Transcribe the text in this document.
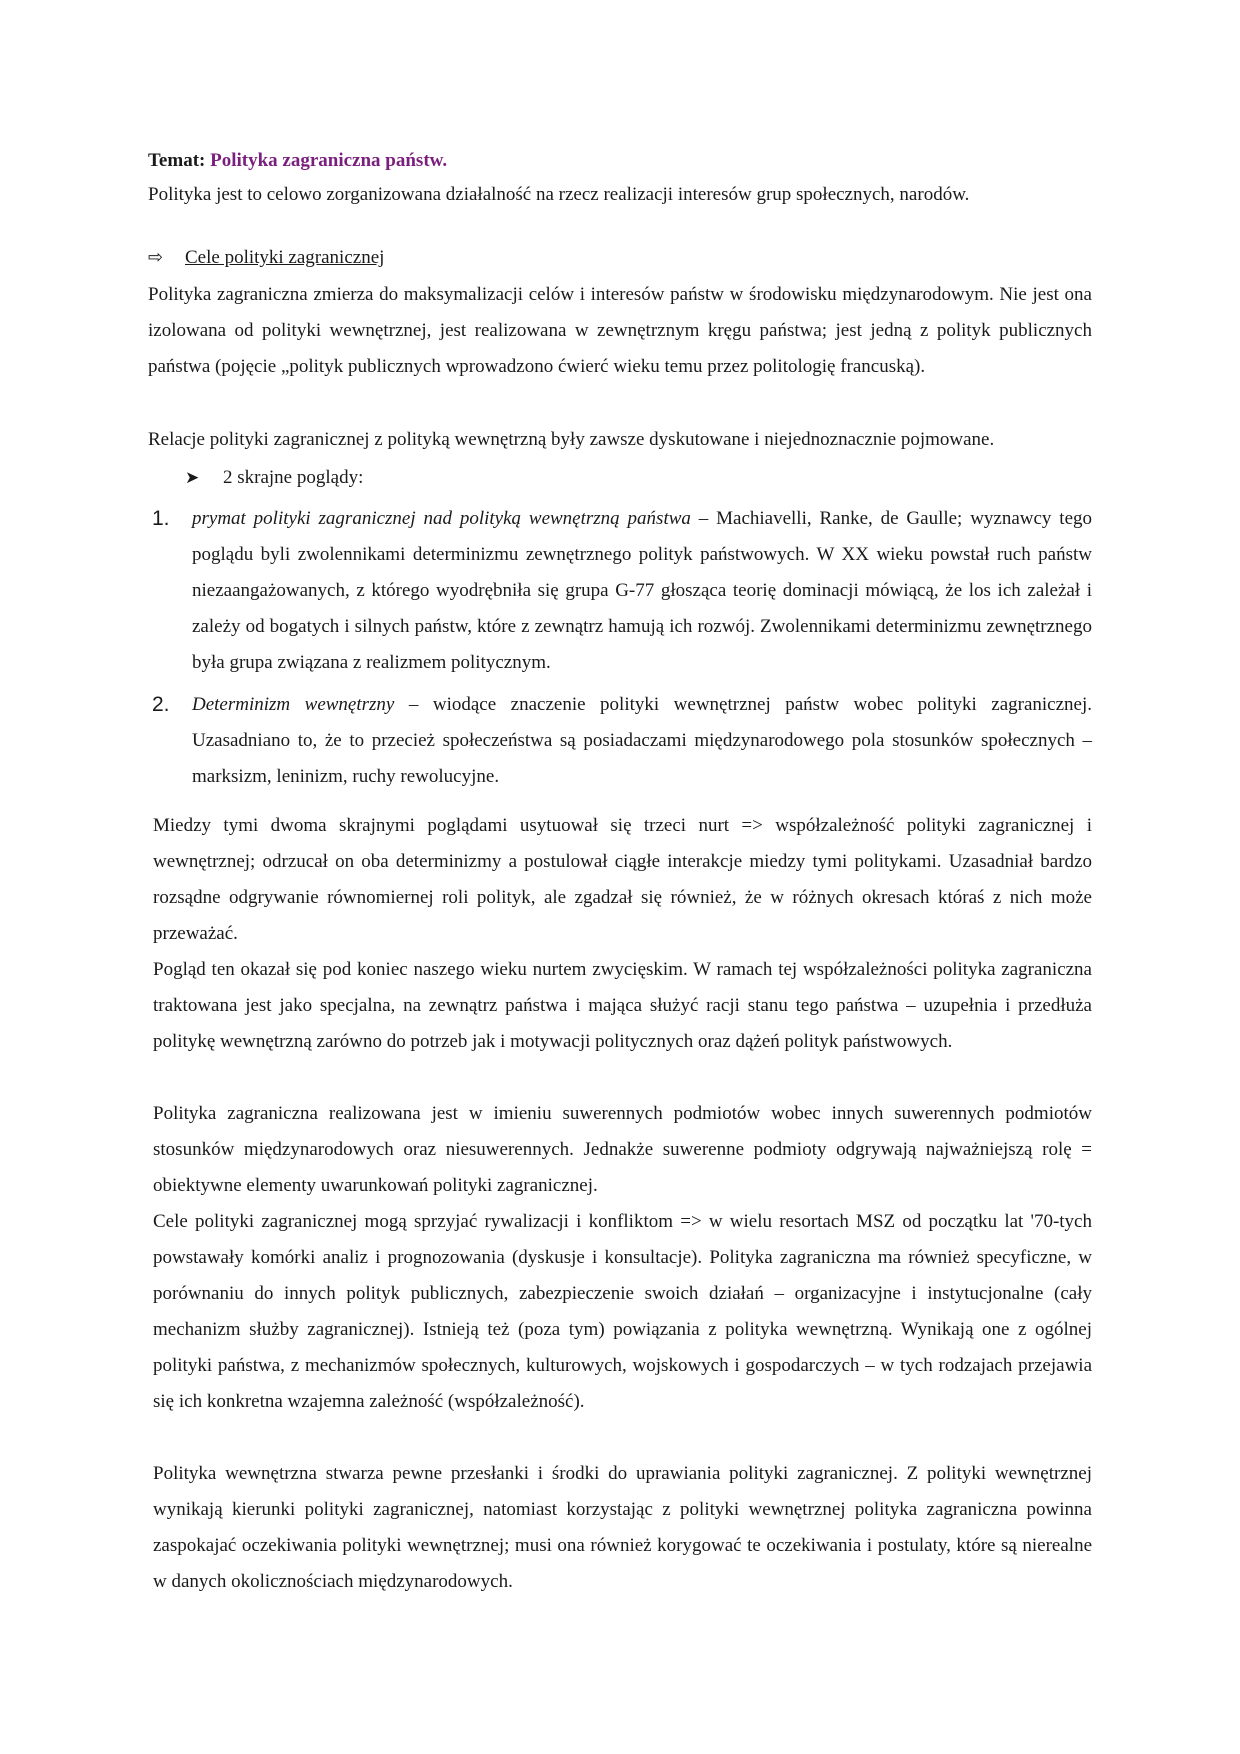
Temat: Polityka zagraniczna państw.
Polityka jest to celowo zorganizowana działalność na rzecz realizacji interesów grup społecznych, narodów.
⇨ Cele polityki zagranicznej

Polityka zagraniczna zmierza do maksymalizacji celów i interesów państw w środowisku międzynarodowym. Nie jest ona izolowana od polityki wewnętrznej, jest realizowana w zewnętrznym kręgu państwa; jest jedną z polityk publicznych państwa (pojęcie „polityk publicznych wprowadzono ćwierć wieku temu przez politologię francuską).

Relacje polityki zagranicznej z polityką wewnętrzną były zawsze dyskutowane i niejednoznacznie pojmowane.
➤ 2 skrajne poglądy:
1. prymat polityki zagranicznej nad polityką wewnętrzną państwa – Machiavelli, Ranke, de Gaulle; wyznawcy tego poglądu byli zwolennikami determinizmu zewnętrznego polityk państwowych. W XX wieku powstał ruch państw niezaangażowanych, z którego wyodrębniła się grupa G-77 głosząca teorię dominacji mówiącą, że los ich zależał i zależy od bogatych i silnych państw, które z zewnątrz hamują ich rozwój. Zwolennikami determinizmu zewnętrznego była grupa związana z realizmem politycznym.

2. Determinizm wewnętrzny – wiodące znaczenie polityki wewnętrznej państw wobec polityki zagranicznej. Uzasadniano to, że to przecież społeczeństwa są posiadaczami międzynarodowego pola stosunków społecznych – marksizm, leninizm, ruchy rewolucyjne.

Miedzy tymi dwoma skrajnymi poglądami usytuował się trzeci nurt => współzależność polityki zagranicznej i wewnętrznej; odrzucał on oba determinizmy a postulował ciągłe interakcje miedzy tymi politykami. Uzasadniał bardzo rozsądne odgrywanie równomiernej roli polityk, ale zgadzał się również, że w różnych okresach któraś z nich może przeważać.

Pogląd ten okazał się pod koniec naszego wieku nurtem zwycięskim. W ramach tej współzależności polityka zagraniczna traktowana jest jako specjalna, na zewnątrz państwa i mająca służyć racji stanu tego państwa – uzupełnia i przedłuża politykę wewnętrzną zarówno do potrzeb jak i motywacji politycznych oraz dążeń polityk państwowych.

Polityka zagraniczna realizowana jest w imieniu suwerennych podmiotów wobec innych suwerennych podmiotów stosunków międzynarodowych oraz niesuwerennych. Jednakże suwerenne podmioty odgrywają najważniejszą rolę = obiektywne elementy uwarunkowań polityki zagranicznej.

Cele polityki zagranicznej mogą sprzyjać rywalizacji i konfliktom => w wielu resortach MSZ od początku lat '70-tych powstawały komórki analiz i prognozowania (dyskusje i konsultacje). Polityka zagraniczna ma również specyficzne, w porównaniu do innych polityk publicznych, zabezpieczenie swoich działań – organizacyjne i instytucjonalne (cały mechanizm służby zagranicznej). Istnieją też (poza tym) powiązania z polityka wewnętrzną. Wynikają one z ogólnej polityki państwa, z mechanizmów społecznych, kulturowych, wojskowych i gospodarczych – w tych rodzajach przejawia się ich konkretna wzajemna zależność (współzależność).

Polityka wewnętrzna stwarza pewne przesłanki i środki do uprawiania polityki zagranicznej. Z polityki wewnętrznej wynikają kierunki polityki zagranicznej, natomiast korzystając z polityki wewnętrznej polityka zagraniczna powinna zaspokajać oczekiwania polityki wewnętrznej; musi ona również korygować te oczekiwania i postulaty, które są nierealne w danych okolicznościach międzynarodowych.
